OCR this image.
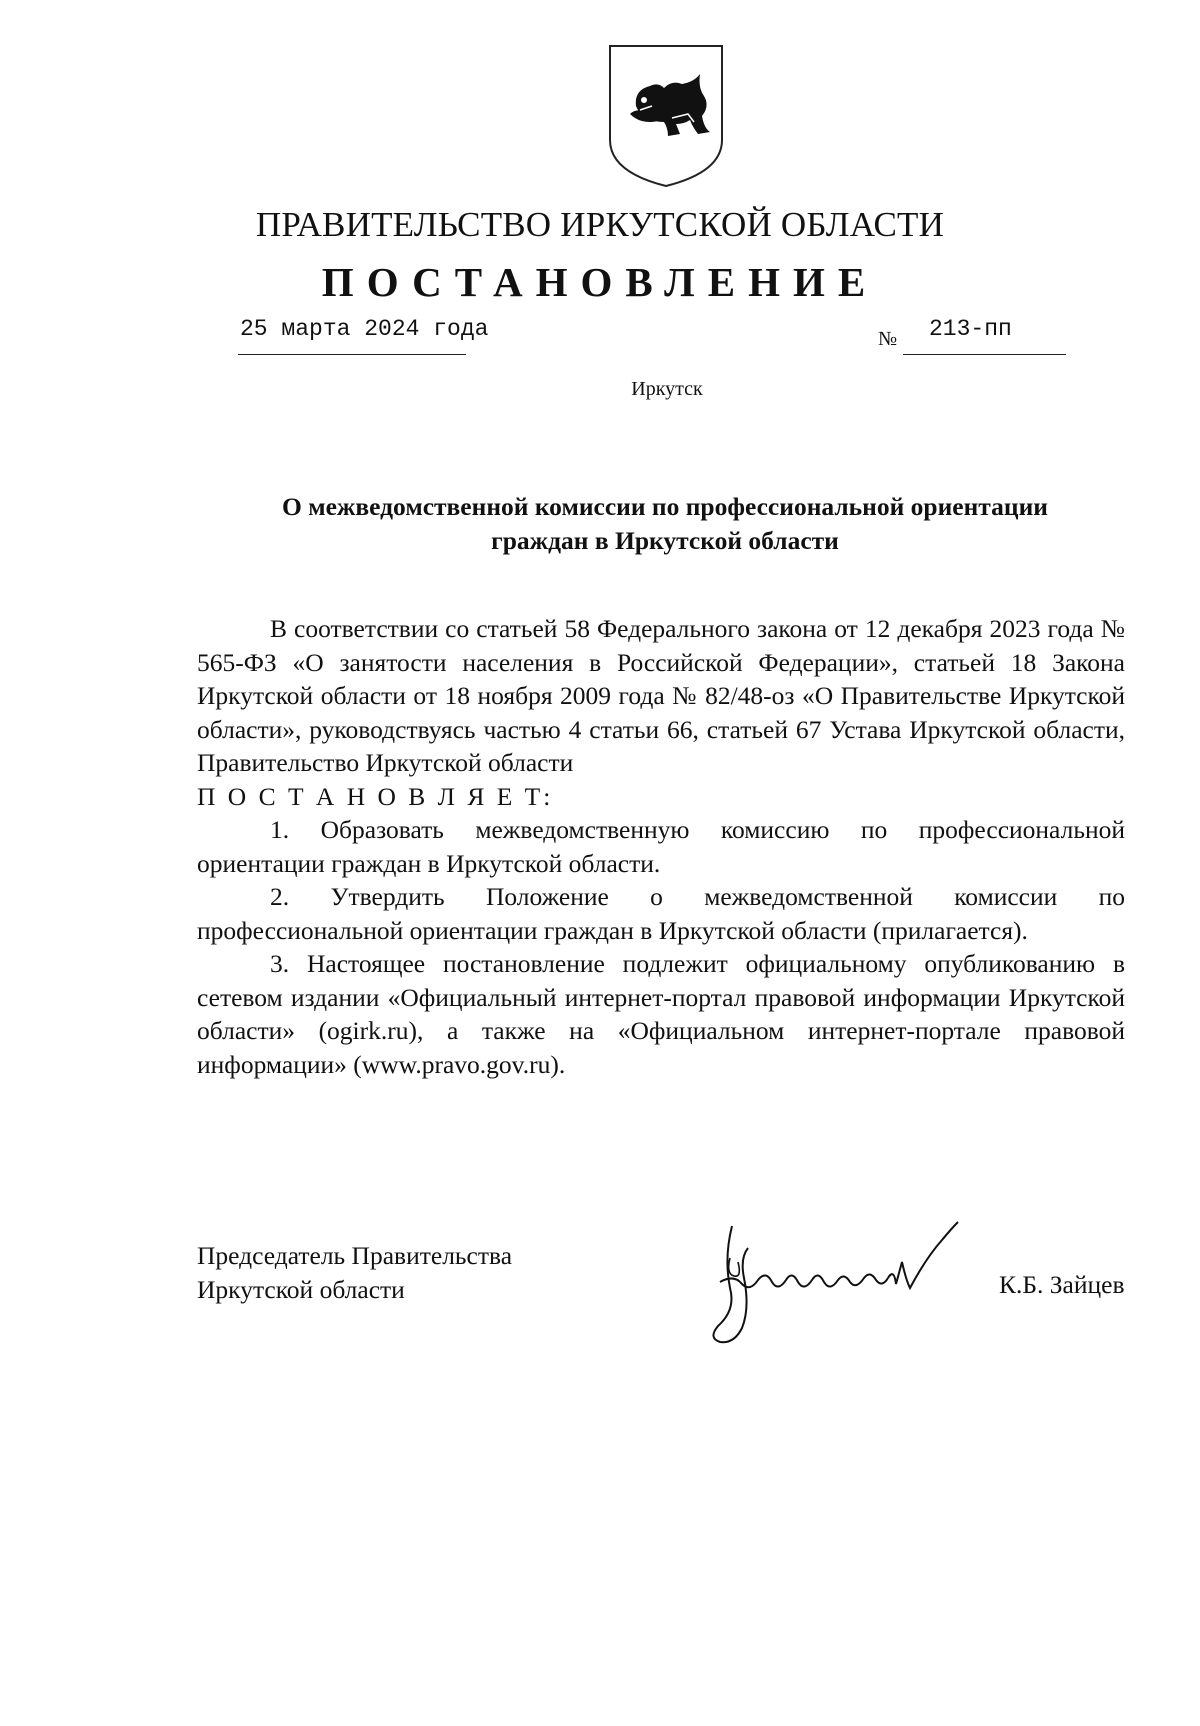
ПРАВИТЕЛЬСТВО ИРКУТСКОЙ ОБЛАСТИ
ПОСТАНОВЛЕНИЕ
25 марта 2024 года	№ 213-пп
Иркутск
О межведомственной комиссии по профессиональной ориентации
граждан в Иркутской области

В соответствии со статьей 58 Федерального закона от 12 декабря 2023 года № 565-ФЗ «О занятости населения в Российской Федерации», статьей 18 Закона Иркутской области от 18 ноября 2009 года № 82/48-оз «О Правительстве Иркутской области», руководствуясь частью 4 статьи 66, статьей 67 Устава Иркутской области, Правительство Иркутской области

П О С Т А Н О В Л Я Е Т:

1. Образовать межведомственную комиссию по профессиональной ориентации граждан в Иркутской области.

2. Утвердить Положение о межведомственной комиссии по профессиональной ориентации граждан в Иркутской области (прилагается).

3. Настоящее постановление подлежит официальному опубликованию в сетевом издании «Официальный интернет-портал правовой информации Иркутской области» (ogirk.ru), а также на «Официальном интернет-портале правовой информации» (www.pravo.gov.ru).

Председатель Правительства
Иркутской области	К.Б. Зайцев
